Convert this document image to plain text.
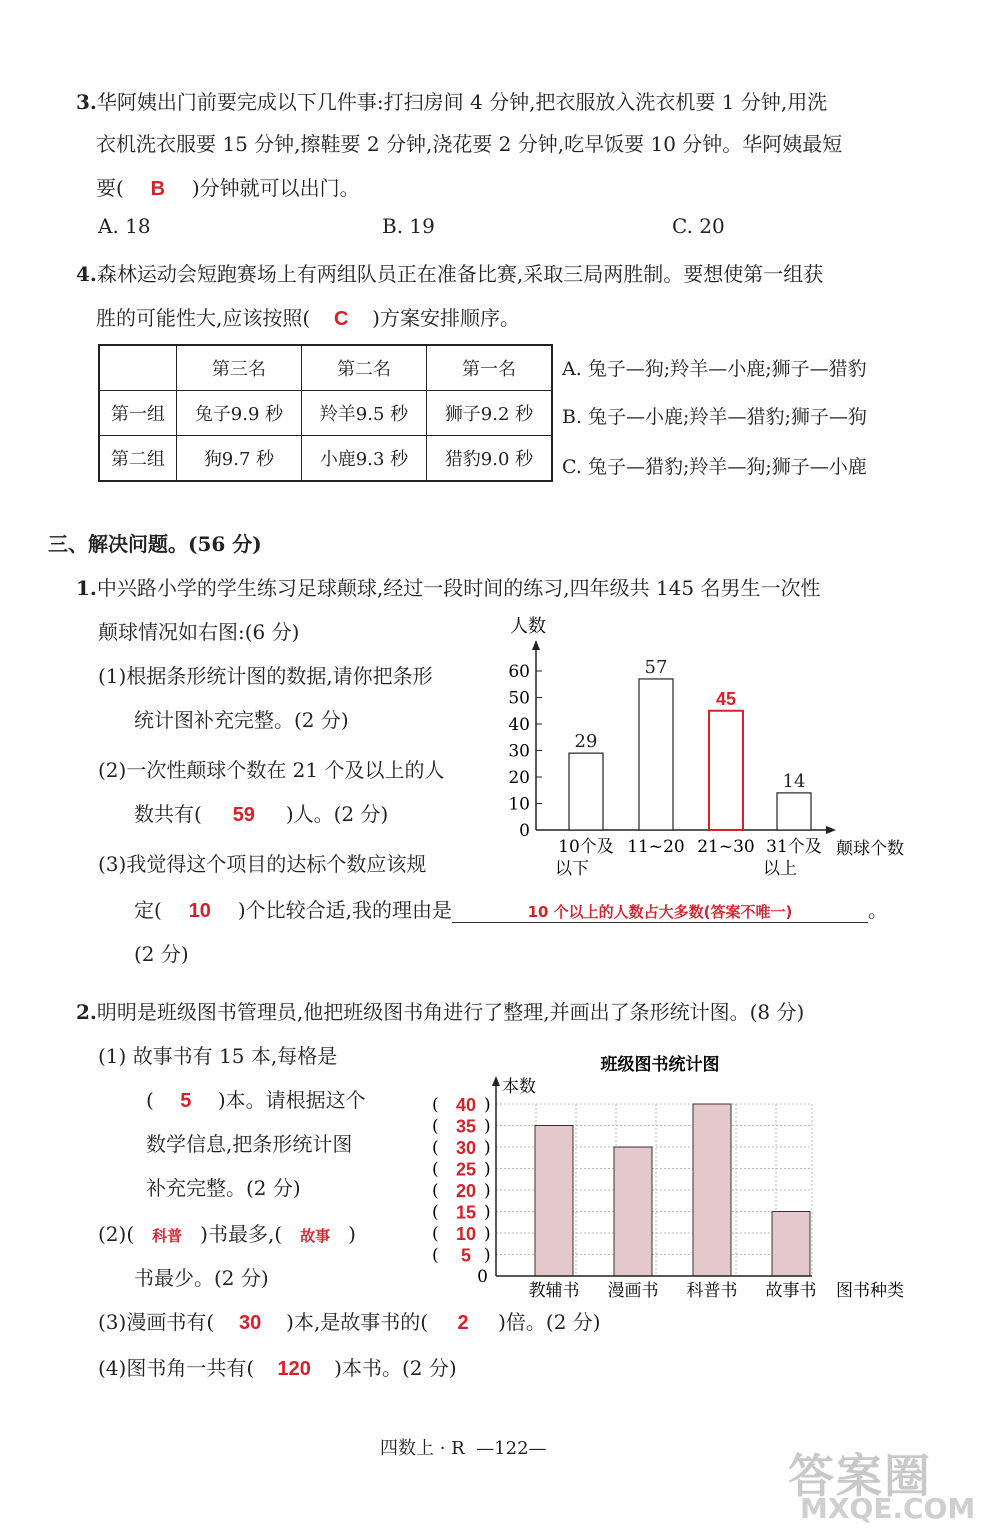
3.华阿姨出门前要完成以下几件事:打扫房间 4 分钟,把衣服放入洗衣机要 1 分钟,用洗
衣机洗衣服要 15 分钟,擦鞋要 2 分钟,浇花要 2 分钟,吃早饭要 10 分钟。华阿姨最短
要( B )分钟就可以出门。
A. 18	B. 19	C. 20
4.森林运动会短跑赛场上有两组队员正在准备比赛,采取三局两胜制。要想使第一组获
胜的可能性大,应该按照( C )方案安排顺序。
	第三名	第二名	第一名
第一组	兔子9.9 秒	羚羊9.5 秒	狮子9.2 秒
第二组	狗9.7 秒	小鹿9.3 秒	猎豹9.0 秒
A. 兔子—狗;羚羊—小鹿;狮子—猎豹
B. 兔子—小鹿;羚羊—猎豹;狮子—狗
C. 兔子—猎豹;羚羊—狗;狮子—小鹿
三、解决问题。(56 分)
1.中兴路小学的学生练习足球颠球,经过一段时间的练习,四年级共 145 名男生一次性
颠球情况如右图:(6 分)
(1)根据条形统计图的数据,请你把条形
统计图补充完整。(2 分)
(2)一次性颠球个数在 21 个及以上的人
数共有( 59 )人。(2 分)
(3)我觉得这个项目的达标个数应该规
定( 10 )个比较合适,我的理由是	10 个以上的人数占大多数(答案不唯一)	。
(2 分)
人数
0
10
20
30
40
50
60
29
10个及
以下
57
11~20
45
21~30
14
31个及
以上
颠球个数
2.明明是班级图书管理员,他把班级图书角进行了整理,并画出了条形统计图。(8 分)
(1) 故事书有 15 本,每格是
( 5 )本。请根据这个
数学信息,把条形统计图
补充完整。(2 分)
(2)( 科普 )书最多,( 故事 )
书最少。(2 分)
(3)漫画书有( 30 )本,是故事书的( 2 )倍。(2 分)
(4)图书角一共有( 120 )本书。(2 分)
班级图书统计图
本数
教辅书 漫画书 科普书 故事书
0
( 5 )
( 10 )
( 15 )
( 20 )
( 25 )
( 30 )
( 35 )
( 40 )
图书种类
四数上 · R —122—
答案圈
MXQE.COM
